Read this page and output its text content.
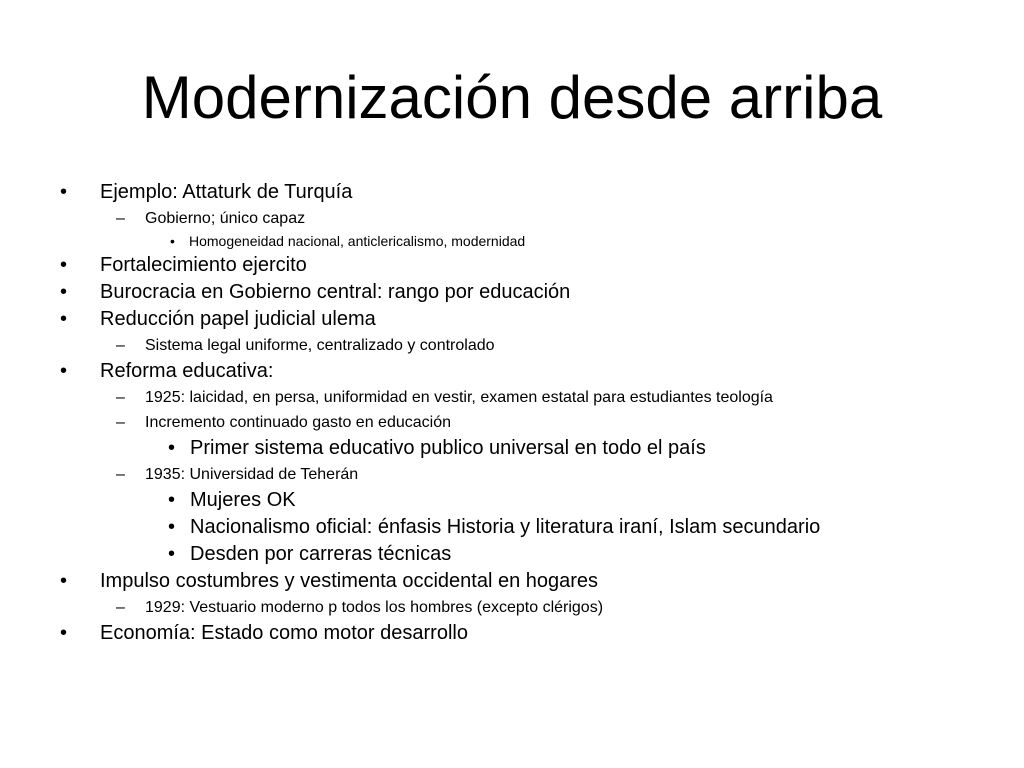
Modernización desde arriba
• Ejemplo: Attaturk de Turquía
– Gobierno; único capaz
• Homogeneidad nacional, anticlericalismo, modernidad
• Fortalecimiento ejercito
• Burocracia en Gobierno central: rango por educación
• Reducción papel judicial ulema
– Sistema legal uniforme, centralizado y controlado
• Reforma educativa:
– 1925: laicidad, en persa, uniformidad en vestir, examen estatal para estudiantes teología
– Incremento continuado gasto en educación
• Primer sistema educativo publico universal en todo el país
– 1935: Universidad de Teherán
• Mujeres OK
• Nacionalismo oficial: énfasis Historia y literatura iraní, Islam secundario
• Desden por carreras técnicas
• Impulso costumbres y vestimenta occidental en hogares
– 1929: Vestuario moderno p todos los hombres (excepto clérigos)
• Economía: Estado como motor desarrollo
